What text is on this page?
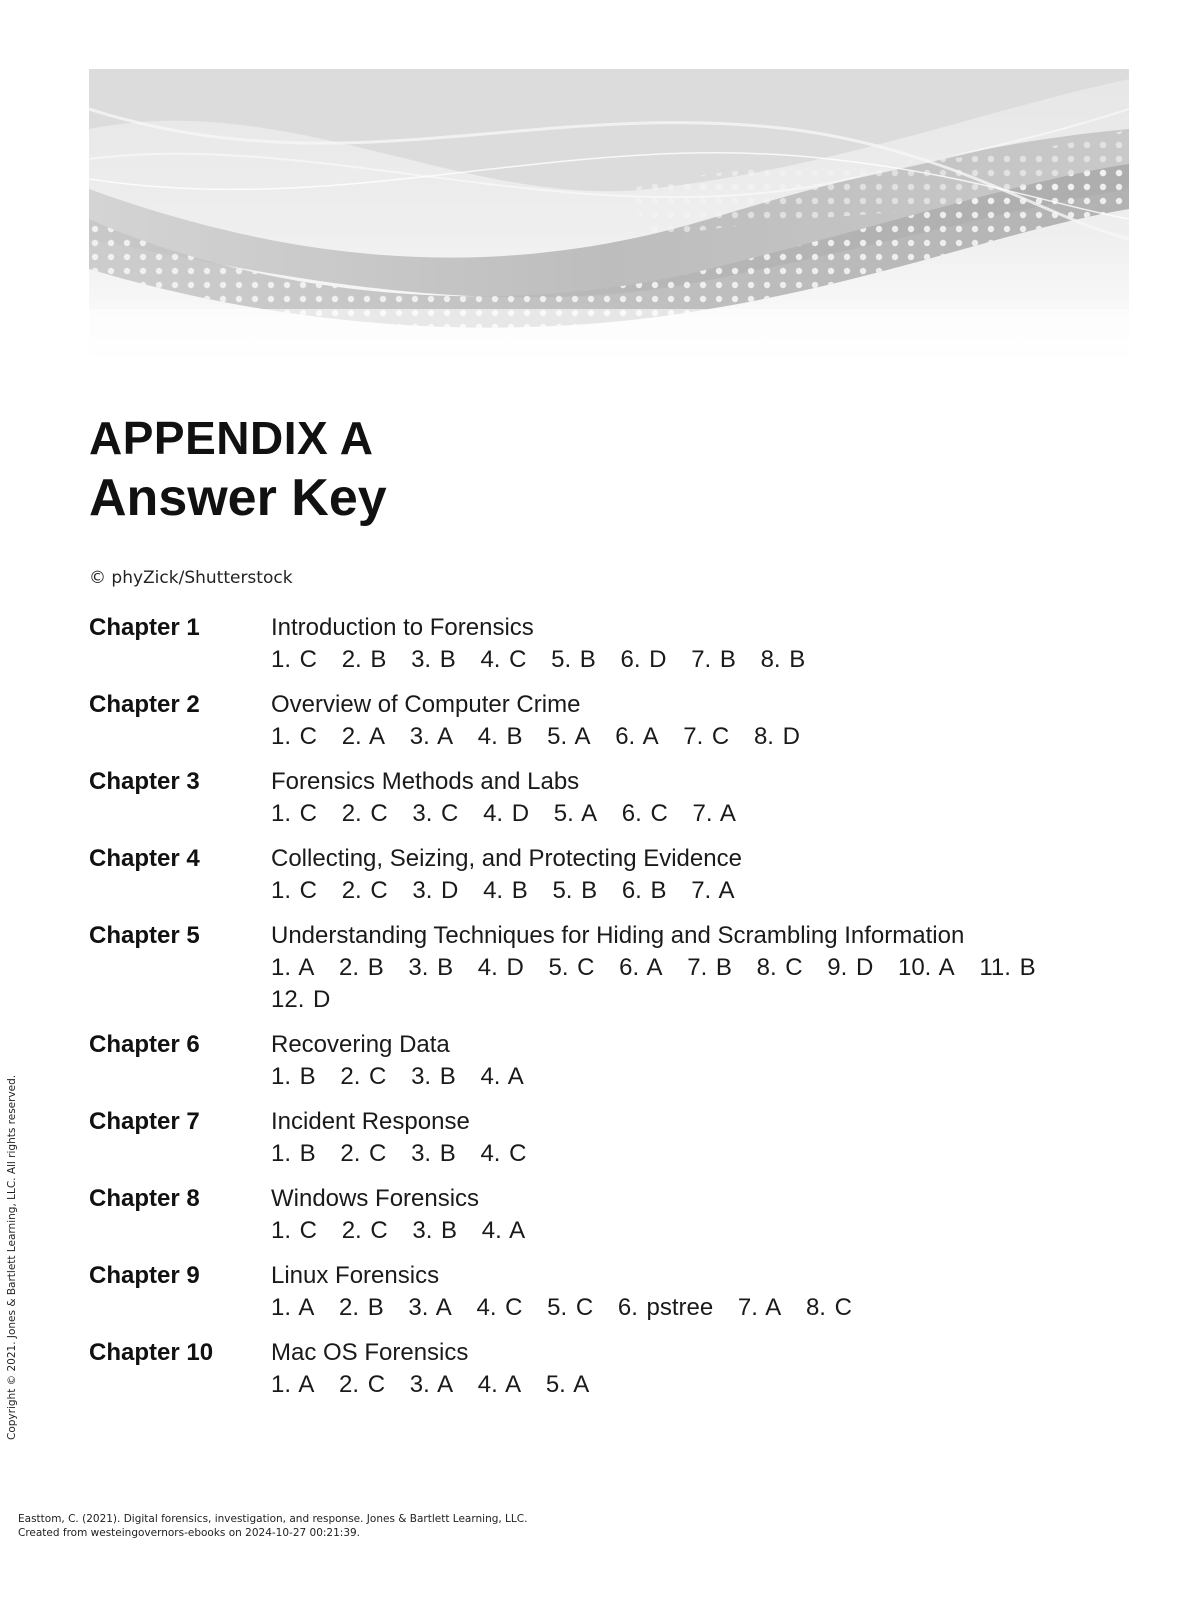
APPENDIX A
Answer Key
© phyZick/Shutterstock
Chapter 1	Introduction to Forensics
1. C 2. B 3. B 4. C 5. B 6. D 7. B 8. B
Chapter 2	Overview of Computer Crime
1. C 2. A 3. A 4. B 5. A 6. A 7. C 8. D
Chapter 3	Forensics Methods and Labs
1. C 2. C 3. C 4. D 5. A 6. C 7. A
Chapter 4	Collecting, Seizing, and Protecting Evidence
1. C 2. C 3. D 4. B 5. B 6. B 7. A
Chapter 5	Understanding Techniques for Hiding and Scrambling Information
1. A 2. B 3. B 4. D 5. C 6. A 7. B 8. C 9. D 10. A 11. B 12. D
Chapter 6	Recovering Data
1. B 2. C 3. B 4. A
Chapter 7	Incident Response
1. B 2. C 3. B 4. C
Chapter 8	Windows Forensics
1. C 2. C 3. B 4. A
Chapter 9	Linux Forensics
1. A 2. B 3. A 4. C 5. C 6. pstree 7. A 8. C
Chapter 10	Mac OS Forensics
1. A 2. C 3. A 4. A 5. A
Copyright © 2021. Jones & Bartlett Learning, LLC. All rights reserved.
Easttom, C. (2021). Digital forensics, investigation, and response. Jones & Bartlett Learning, LLC.
Created from westeingovernors-ebooks on 2024-10-27 00:21:39.
